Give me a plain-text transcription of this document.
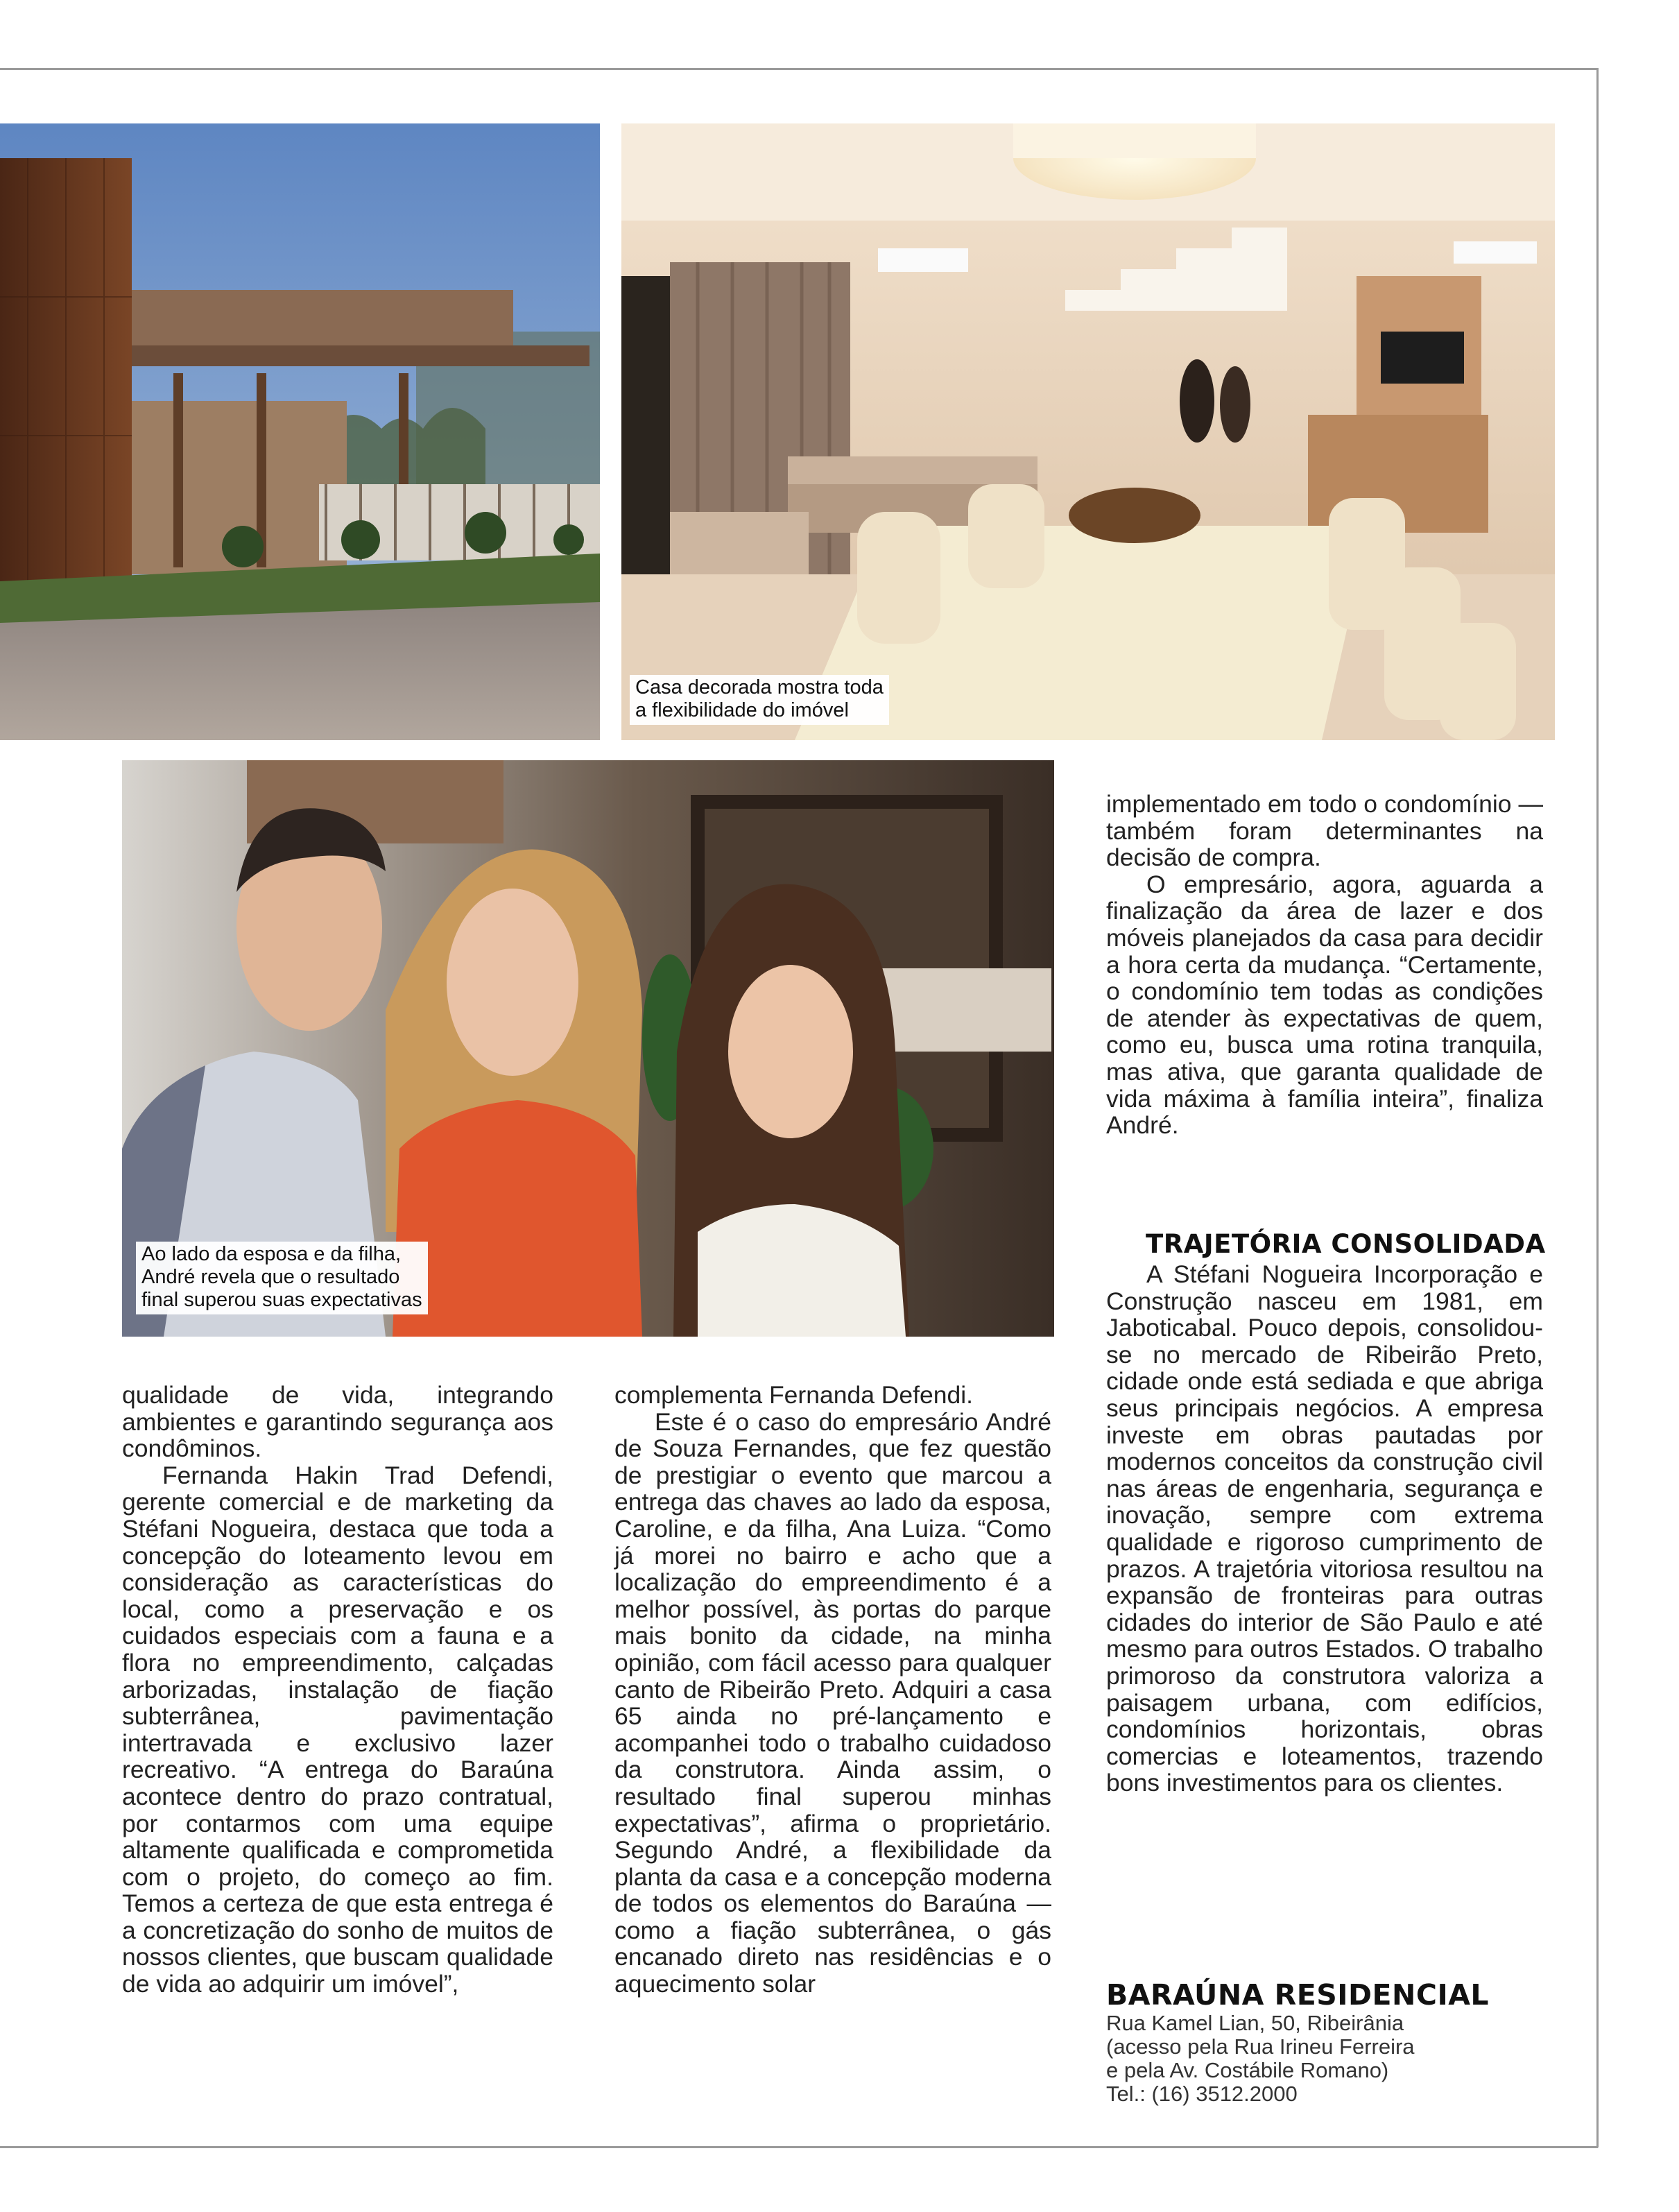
Casa decorada mostra toda
a flexibilidade do imóvel
Ao lado da esposa e da filha,
André revela que o resultado
final superou suas expectativas

qualidade de vida, integrando ambientes e garantindo segurança aos condôminos.

Fernanda Hakin Trad Defendi, gerente comercial e de marketing da Stéfani Nogueira, destaca que toda a concepção do loteamento levou em consideração as características do local, como a preservação e os cuidados especiais com a fauna e a flora no empreendimento, calçadas arborizadas, instalação de fiação subterrânea, pavimentação intertravada e exclusivo lazer recreativo. “A entrega do Baraúna acontece dentro do prazo contratual, por contarmos com uma equipe altamente qualificada e comprometida com o projeto, do começo ao fim. Temos a certeza de que esta entrega é a concretização do sonho de muitos de nossos clientes, que buscam qualidade de vida ao adquirir um imóvel”,

complementa Fernanda Defendi.

Este é o caso do empresário André de Souza Fernandes, que fez questão de prestigiar o evento que marcou a entrega das chaves ao lado da esposa, Caroline, e da filha, Ana Luiza. “Como já morei no bairro e acho que a localização do empreendimento é a melhor possível, às portas do parque mais bonito da cidade, na minha opinião, com fácil acesso para qualquer canto de Ribeirão Preto. Adquiri a casa 65 ainda no pré-lançamento e acompanhei todo o trabalho cuidadoso da construtora. Ainda assim, o resultado final superou minhas expectativas”, afirma o proprietário. Segundo André, a flexibilidade da planta da casa e a concepção moderna de todos os elementos do Baraúna — como a fiação subterrânea, o gás encanado direto nas residências e o aquecimento solar

implementado em todo o condomínio — também foram determinantes na decisão de compra.

O empresário, agora, aguarda a finalização da área de lazer e dos móveis planejados da casa para decidir a hora certa da mudança. “Certamente, o condomínio tem todas as condições de atender às expectativas de quem, como eu, busca uma rotina tranquila, mas ativa, que garanta qualidade de vida máxima à família inteira”, finaliza André.

TRAJETÓRIA CONSOLIDADA

A Stéfani Nogueira Incorporação e Construção nasceu em 1981, em Jaboticabal. Pouco depois, consolidou-se no mercado de Ribeirão Preto, cidade onde está sediada e que abriga seus principais negócios. A empresa investe em obras pautadas por modernos conceitos da construção civil nas áreas de engenharia, segurança e inovação, sempre com extrema qualidade e rigoroso cumprimento de prazos. A trajetória vitoriosa resultou na expansão de fronteiras para outras cidades do interior de São Paulo e até mesmo para outros Estados. O trabalho primoroso da construtora valoriza a paisagem urbana, com edifícios, condomínios horizontais, obras comercias e loteamentos, trazendo bons investimentos para os clientes.

BARAÚNA RESIDENCIAL
Rua Kamel Lian, 50, Ribeirânia
(acesso pela Rua Irineu Ferreira
e pela Av. Costábile Romano)
Tel.: (16) 3512.2000
